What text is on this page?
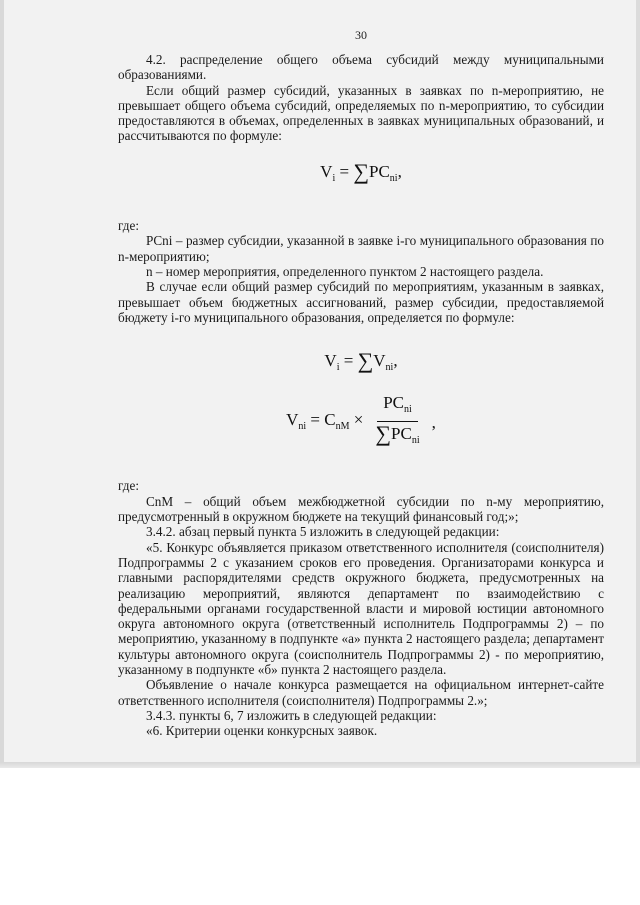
30

4.2. распределение общего объема субсидий между муниципальными образованиями.

Если общий размер субсидий, указанных в заявках по n-мероприятию, не превышает общего объема субсидий, определяемых по n-мероприятию, то субсидии предоставляются в объемах, определенных в заявках муниципальных образований, и рассчитываются по формуле:

$V_i = \sum PC_{ni}$,

где:

PCni – размер субсидии, указанной в заявке i-го муниципального образования по n-мероприятию;

n – номер мероприятия, определенного пунктом 2 настоящего раздела.

В случае если общий размер субсидий по мероприятиям, указанным в заявках, превышает объем бюджетных ассигнований, размер субсидии, предоставляемой бюджету i-го муниципального образования, определяется по формуле:

$V_i = \sum V_{ni}$,
$V_{ni} = C_{nM} \times \frac{PC_{ni}}{\sum PC_{ni}}$ ,

где:

CnM – общий объем межбюджетной субсидии по n-му мероприятию, предусмотренный в окружном бюджете на текущий финансовый год;»;

3.4.2. абзац первый пункта 5 изложить в следующей редакции:

«5. Конкурс объявляется приказом ответственного исполнителя (соисполнителя) Подпрограммы 2 с указанием сроков его проведения. Организаторами конкурса и главными распорядителями средств окружного бюджета, предусмотренных на реализацию мероприятий, являются департамент по взаимодействию с федеральными органами государственной власти и мировой юстиции автономного округа автономного округа (ответственный исполнитель Подпрограммы 2) – по мероприятию, указанному в подпункте «а» пункта 2 настоящего раздела; департамент культуры автономного округа (соисполнитель Подпрограммы 2) - по мероприятию, указанному в подпункте «б» пункта 2 настоящего раздела.

Объявление о начале конкурса размещается на официальном интернет-сайте ответственного исполнителя (соисполнителя) Подпрограммы 2.»;

3.4.3. пункты 6, 7 изложить в следующей редакции:

«6. Критерии оценки конкурсных заявок.
